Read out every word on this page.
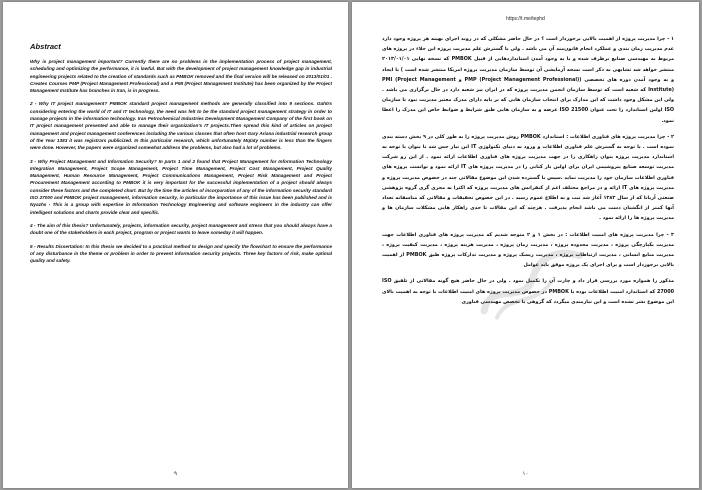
Abstract

Why is project management important? Currently there are no problems in the implementation process of project management, scheduling and optimizing the performance, it is lawful. But with the development of project management knowledge gap in industrial engineering projects related to the creation of standards such as PMBOK removed and the final version will be released on 2013/01/01 . Creates Courses PMP (Project Management Professional) and a PMI (Project Management Institute) has been organized by the Project Management Institute has branches in Iran, is in progress.

2 - Why IT project management? PMBOK standard project management methods are generally classified into 9 sections. Gahtrs considering entering the world of IT and IT technology, the need was felt to be the standard project management strategy in order to manage projects in the information technology. Iran Petrochemical Industries Development Management Company of the first book on IT project management presented and able to manage their organization's IT projects.Then spread this kind of articles on project management and project management conferences including the various classes that often host Gary Ariana industrial research group of the Year 1383 it was registrars publicized. In this particular research, which unfortunately Mqlaty number is less than the fingers were done. However, the papers were organized somewhat address the problems, but also had a lot of problems.

3 - Why Project Management and Information Security? In parts 1 and 2 found that Project Management for Information Technology Integration Management, Project Scope Management, Project Time Management, Project Cost Management, Project Quality Management, Human Resource Management, Project Communications Management, Project Risk Management and Project Procurement Management according to PMBOK it is very important for the successful implementation of a project should always consider these factors and the completed chart. But by the time the articles of incorporation of any of the information security standard ISO 27000 and PMBOK project management, information security, in particular the importance of this issue has been published and is Nyazhs - This is a group with expertise in Information Technology Engineering and software engineers in the industry can offer intelligent solutions and charts provide clear and specific.

4 - The aim of this thesis? Unfortunately, projects, information security, project management and stress that you should always have a doubt one of the stakeholders in each project, program or project wants to leave someday it will happen.

5 - Results Dissertation: In this thesis we decided to a practical method to design and specify the flowchart to ensure the performance of any disturbance in the theme or problem in order to prevent information security projects. Three key factors of risk, make optimal quality and safety.

۹
https://t.me/tephd

۱ - چرا مدیریت پروژه از اهمیت بالایی برخوردار است ؟ در حال حاضر مشکلی که در روند اجرای بهینه هر پروژه وجود دارد عدم مدیریت زمان بندی و عملکرد انجام قانون‌مند آن می باشد . ولی با گسترش علم مدیریت پروژه این خلاء در پروژه های مربوط به مهندسی صنایع برطرف شده و با به وجود آمدن استانداردهایی از قبیل PMBOK که نسخه نهایی ۲۰۱۳/۰۱/۰۱ منتشر خواهد شد تشابهی به ذکر است نسخه آزمایشی آن توسط سازمان مدیریت پروژه امریکا منتشر شده است ) با ایجاد و به وجود آمدن دوره های تخصصی (PMP (Project Management Professional) و PMI (Project Management Institute) که شعبه است که توسط سازمان انجمن مدیریت پروژه که در ایران نیز شعبه دارد در حال برگزاری می باشد . ولی این مشکل وجود داشت که این مدارک برای انتخاب سازمان هایی که بر پایه دارای مدرک معتبر مدیریت نبود تا سازمان ISO اولین استاندارد را تحت عنوان ISO 21500 عرضه و به سازمان هایی طبق شرایط و ضوابط خاص این مدرک را اعطا نمود.

۲ - چرا مدیریت پروژه های فناوری اطلاعات : استاندارد PMBOK روش مدیریت پروژه را به طور کلی در ۹ بخش دسته بندی نموده است . با توجه به گسترش علم فناوری اطلاعات و ورود به دنیای تکنولوژی IT این نیاز حس شد تا بتوان با توجه به استاندارد مدیریت پروژه بتوان راهکاری را در جهت مدیریت پروژه های فناوری اطلاعات ارائه نمود . از این رو شرکت مدیریت توسعه صنایع پتروشیمی ایران برای اولین بار کتابی را در مدیریت پروژه های IT ارائه نمود و توانست پروژه های فناوری اطلاعات سازمان خود را مدیریت نماید .سپس با گسترده شدن این موضوع مقالاتی چند در خصوص مدیریت پروژه و مدیریت پروژه های IT ارائه و در مراجع مختلف اعم از کنفرانس های مدیریت پروژه که اکثرا به مجری گری گروه پژوهشی صنعتی آریانا که از سال ۱۳۸۳ آغاز شد ثبت و به اطلاع عموم رسید . در این خصوص تحقیقات و مقالاتی که متاسفانه تعداد آنها کمتر از انگشتان دست می باشد انجام پذیرفت . هرچند که این مقالات تا حدی راهکار هایی مشکلات سازمان ها و مدیریت پروژه ها را ارائه نمود .

۳ - چرا مدیریت پروژه های امنیت اطلاعات : در بخش ۱ و ۲ متوجه شدیم که مدیریت پروژه های فناوری اطلاعات جهت مدیریت یکپارچگی پروژه ، مدیریت محدوده پروژه ، مدیریت زمان پروژه ، مدیریت هزینه پروژه ، مدیریت کیفیت پروژه ، مدیریت منابع انسانی ، مدیریت ارتباطات پروژه ، مدیریت ریسک پروژه و مدیریت تدارکات پروژه طبق PMBOK از اهمیت بالایی برخوردار است و برای اجرای یک پروژه موفق باید عوامل

مذکور را همواره مورد بررسی قرار داد و چارت آن را تکمیل نمود . ولی در حال حاضر هیچ گونه مقالاتی از تلفیق ISO 27000 که استاندارد امنیت اطلاعات بوده با PMBOK در خصوص مدیریت پروژه های امنیت اطلاعات با توجه به اهمیت بالای این موضوع نشر نشده است و این نیازمندی میگردد که گروهی با تخصص مهندسی فناوری

۱۰
